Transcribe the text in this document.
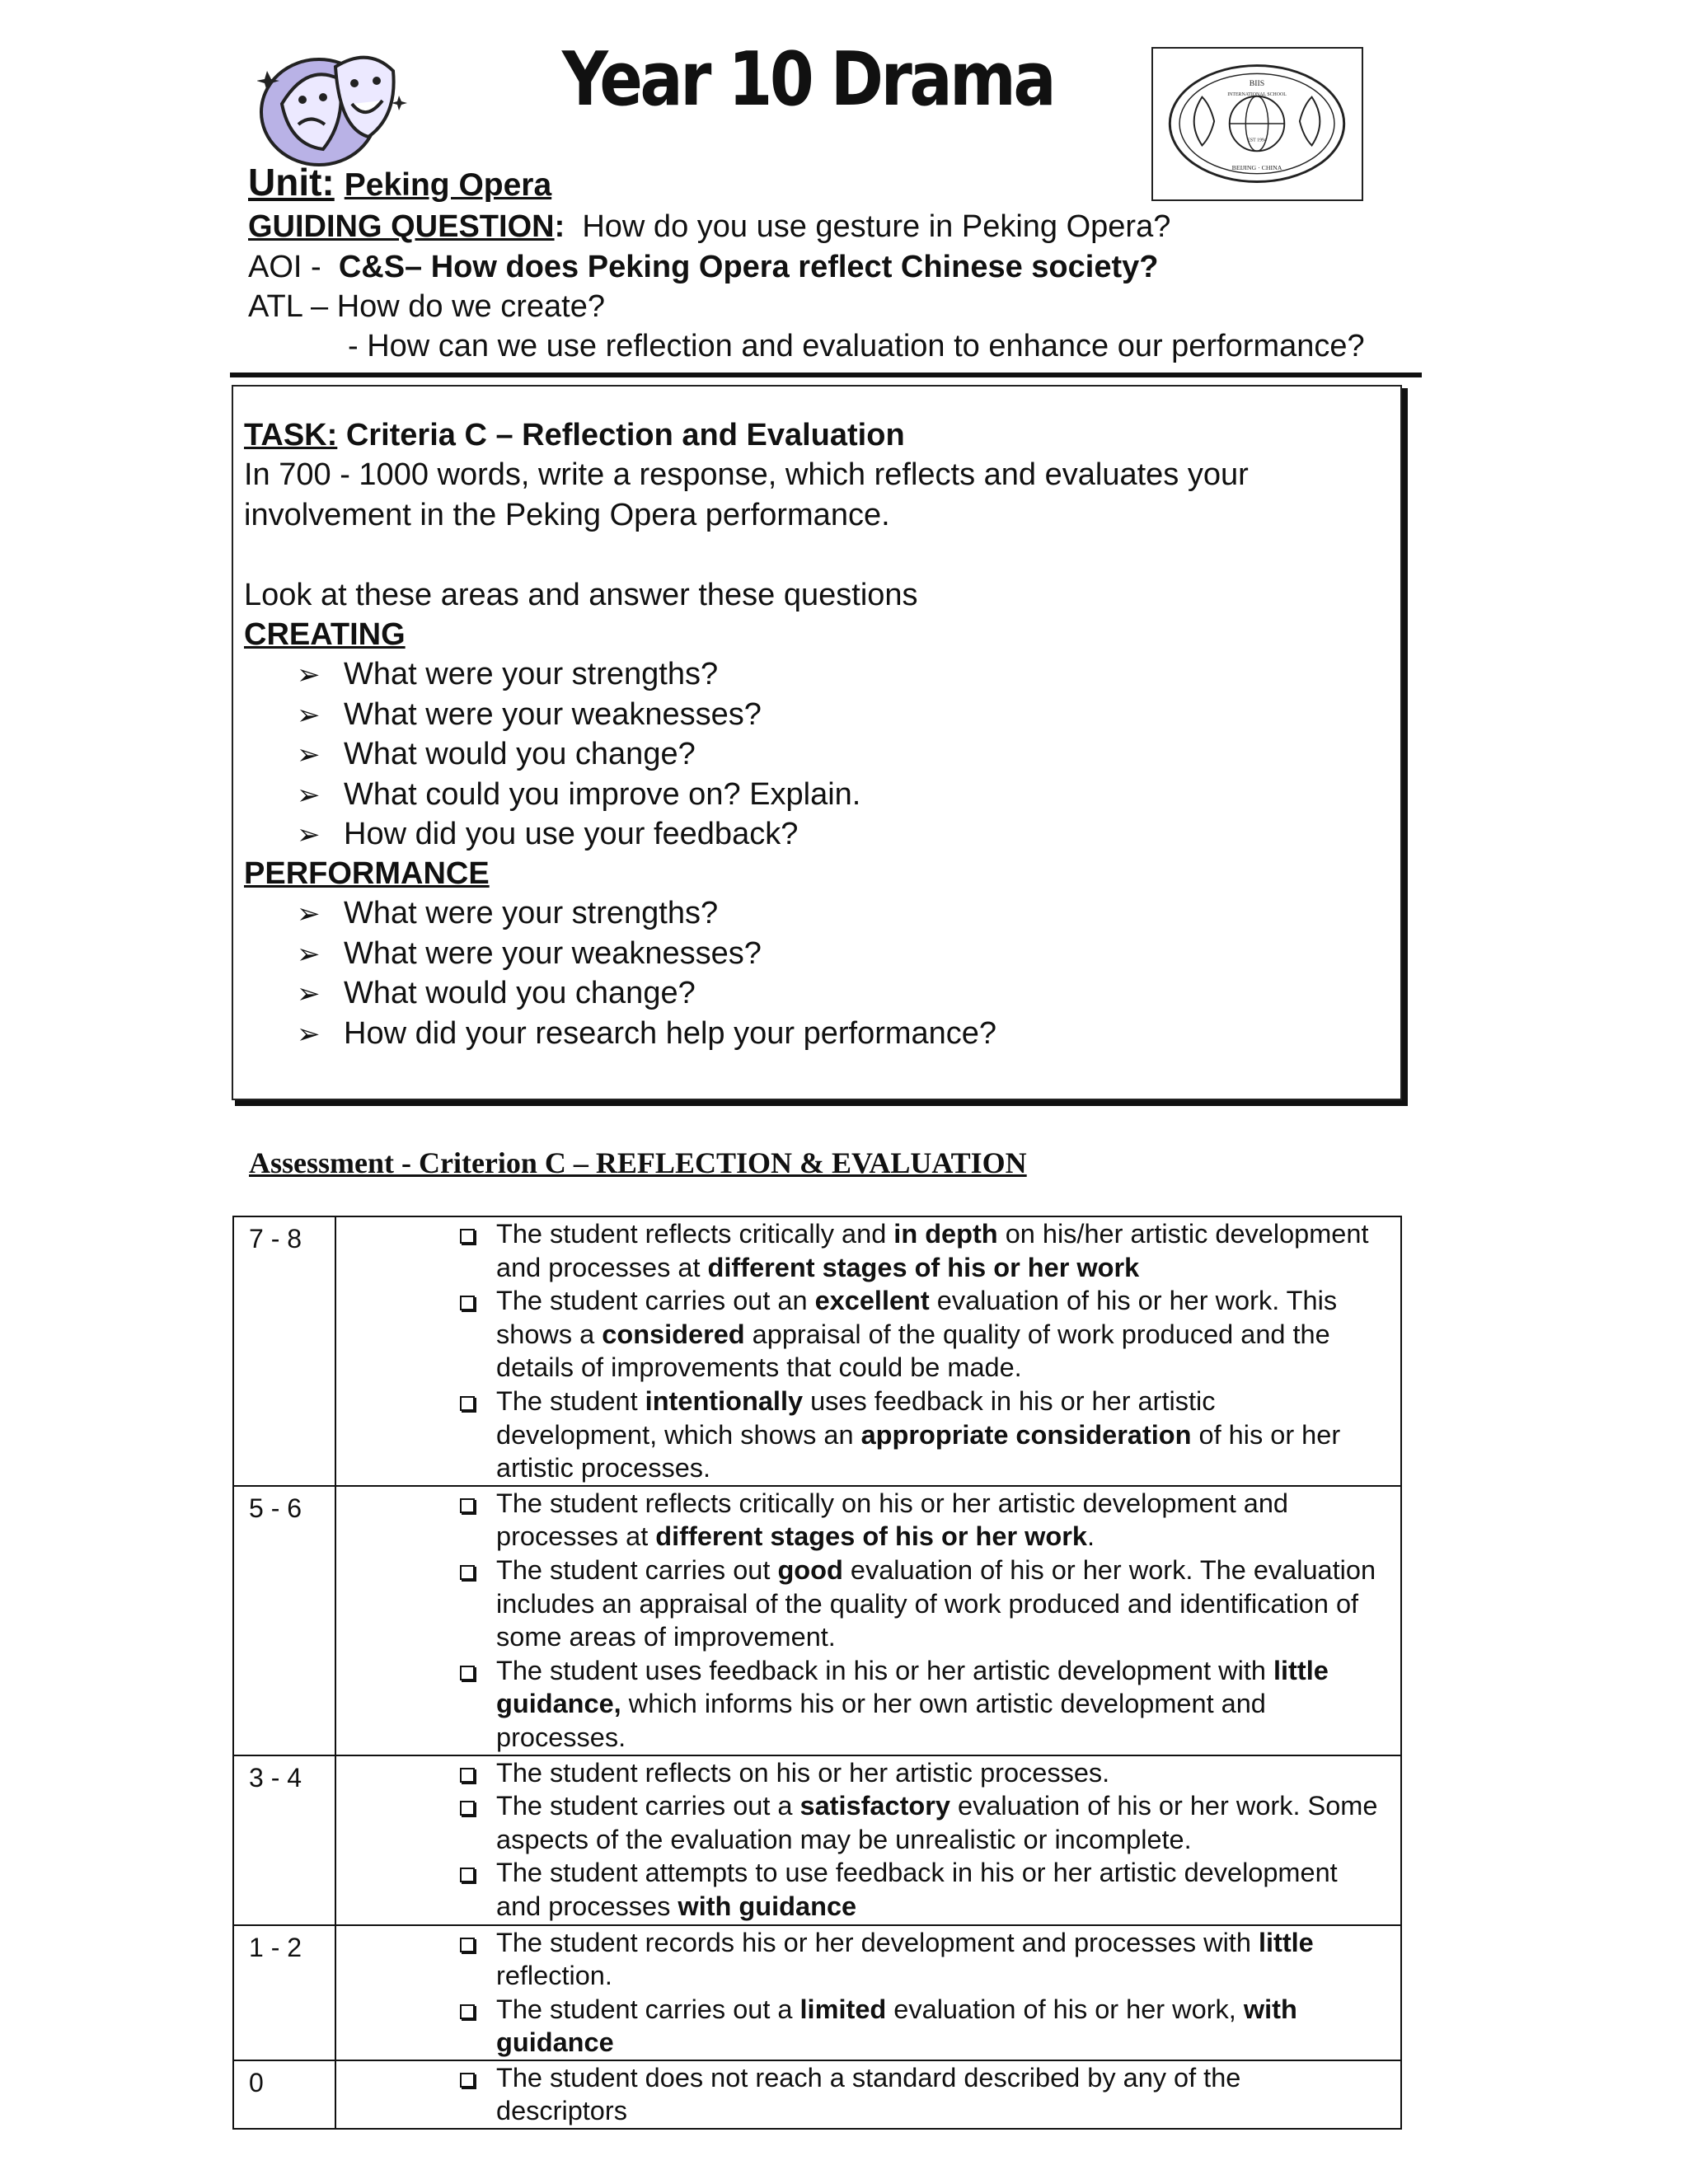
Year 10 Drama	BIIS
INTERNATIONAL SCHOOL
EST 1994
BEIJING · CHINA
Unit: Peking Opera
GUIDING QUESTION: How do you use gesture in Peking Opera?
AOI - C&S– How does Peking Opera reflect Chinese society?
ATL – How do we create?
- How can we use reflection and evaluation to enhance our performance?
TASK: Criteria C – Reflection and Evaluation
In 700 - 1000 words, write a response, which reflects and evaluates your
involvement in the Peking Opera performance.
Look at these areas and answer these questions
CREATING
➢ What were your strengths?
➢ What were your weaknesses?
➢ What would you change?
➢ What could you improve on? Explain.
➢ How did you use your feedback?
PERFORMANCE
➢ What were your strengths?
➢ What were your weaknesses?
➢ What would you change?
➢ How did your research help your performance?
Assessment - Criterion C – REFLECTION & EVALUATION
7 - 8	The student reflects critically and in depth on his/her artistic development and processes at different stages of his or her work
The student carries out an excellent evaluation of his or her work. This shows a considered appraisal of the quality of work produced and the details of improvements that could be made.
The student intentionally uses feedback in his or her artistic development, which shows an appropriate consideration of his or her artistic processes.

5 - 6	The student reflects critically on his or her artistic development and processes at different stages of his or her work.
The student carries out good evaluation of his or her work. The evaluation includes an appraisal of the quality of work produced and identification of some areas of improvement.
The student uses feedback in his or her artistic development with little guidance, which informs his or her own artistic development and processes.

3 - 4	The student reflects on his or her artistic processes.
The student carries out a satisfactory evaluation of his or her work. Some aspects of the evaluation may be unrealistic or incomplete.
The student attempts to use feedback in his or her artistic development and processes with guidance

1 - 2	The student records his or her development and processes with little reflection.
The student carries out a limited evaluation of his or her work, with guidance

0	The student does not reach a standard described by any of the descriptors
